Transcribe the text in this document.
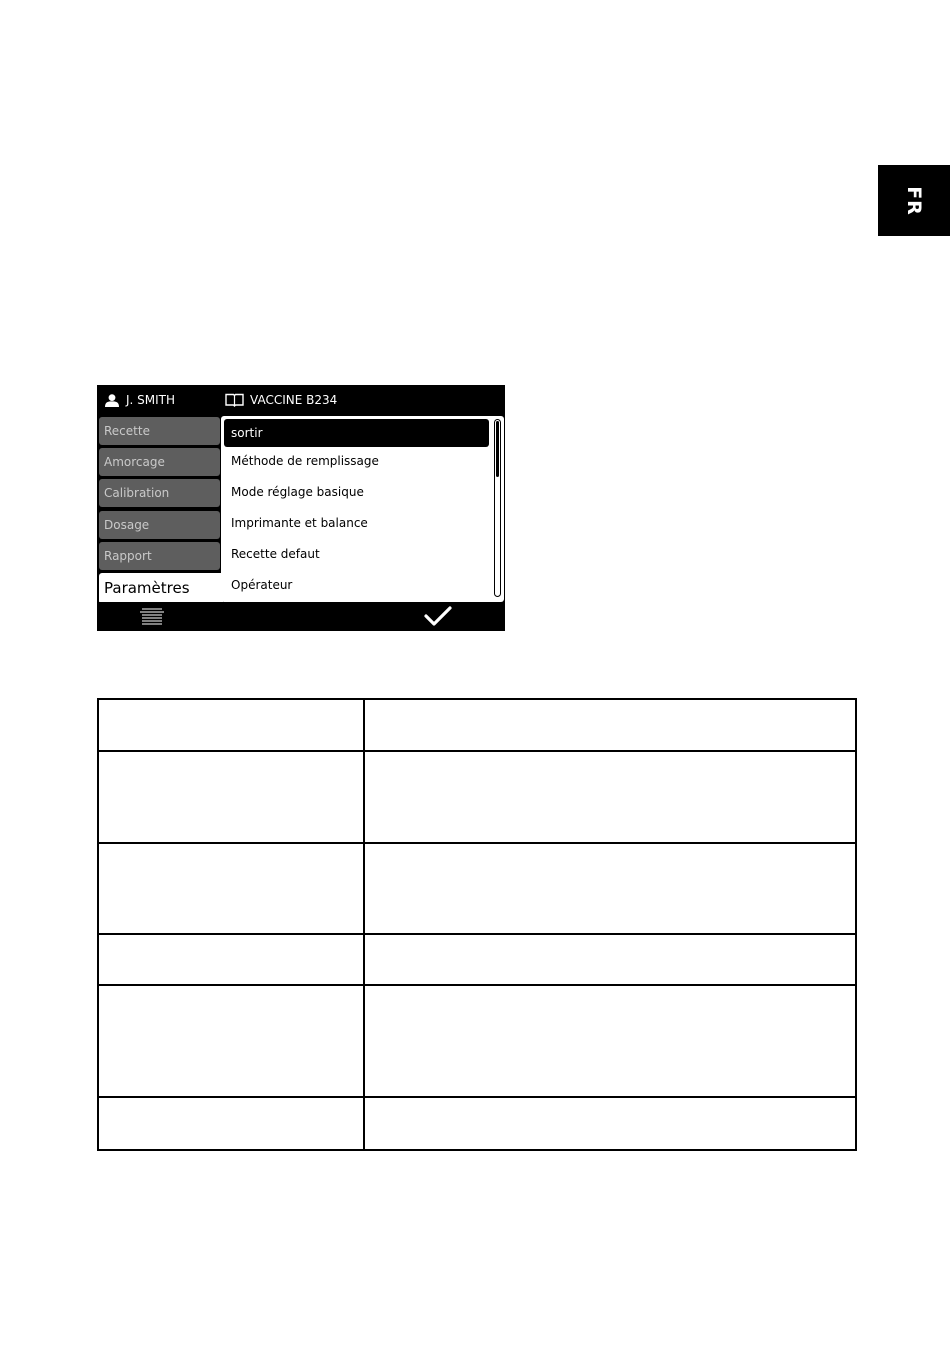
FR
J. SMITH	VACCINE B234
Recette
Amorcage
Calibration
Dosage
Rapport
Paramètres
sortir
Méthode de remplissage
Mode réglage basique
Imprimante et balance
Recette defaut
Opérateur
